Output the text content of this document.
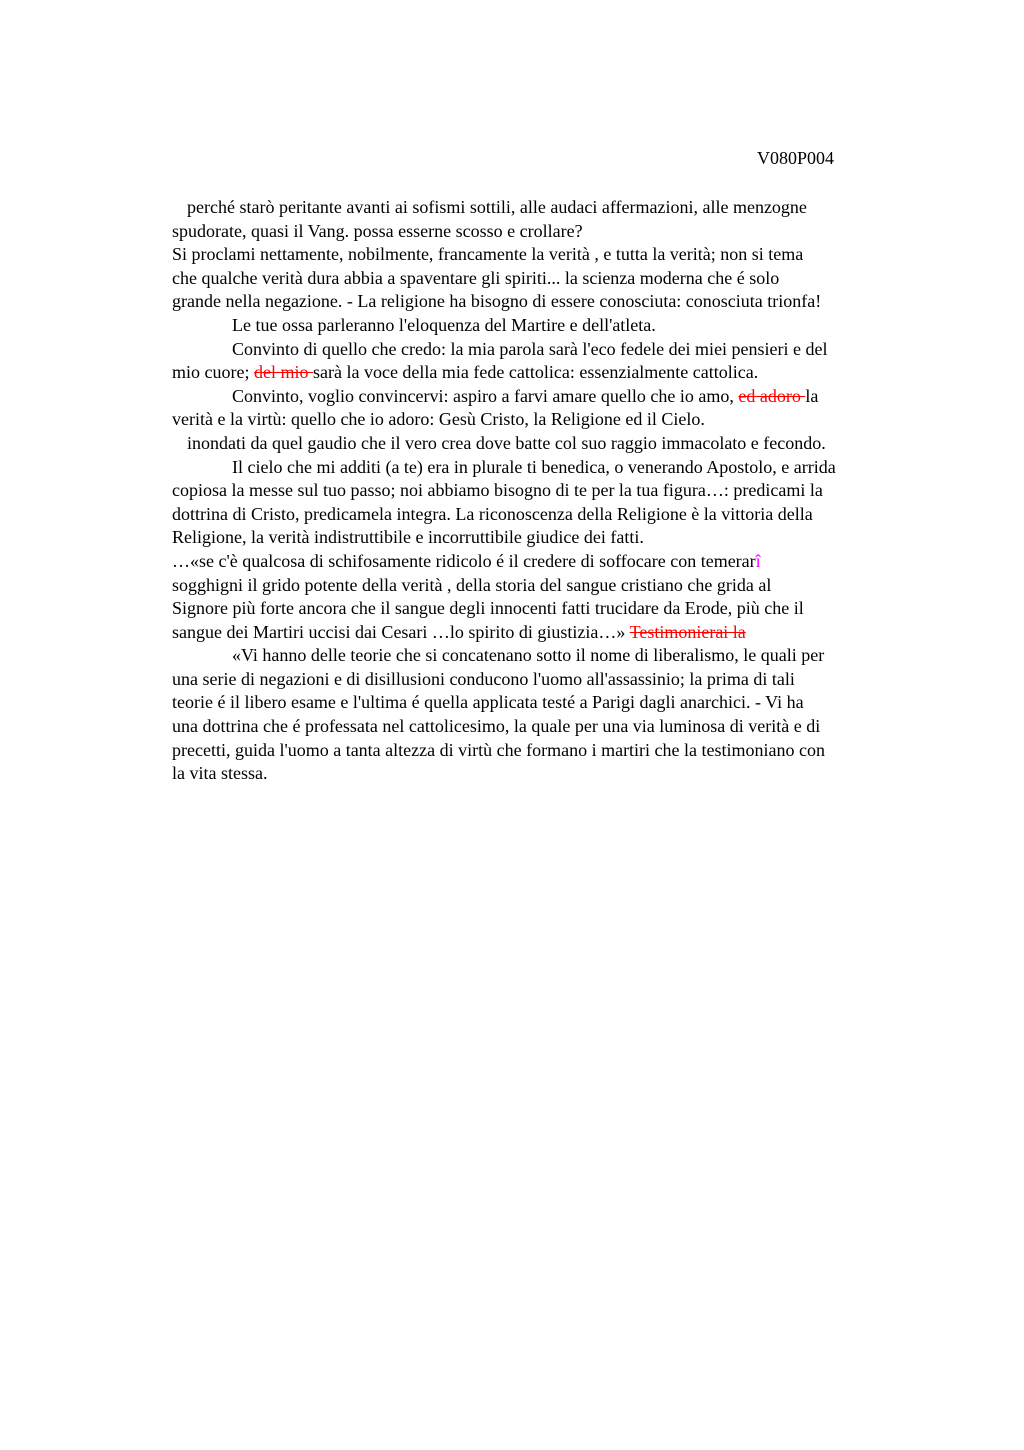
V080P004
perché starò peritante avanti ai sofismi sottili, alle audaci affermazioni, alle menzogne
spudorate, quasi il Vang. possa esserne scosso e crollare?
Si proclami nettamente, nobilmente, francamente la verità , e tutta la verità; non si tema
che qualche verità dura abbia a spaventare gli spiriti... la scienza moderna che é solo
grande nella negazione. - La religione ha bisogno di essere conosciuta: conosciuta trionfa!
Le tue ossa parleranno l'eloquenza del Martire e dell'atleta.
Convinto di quello che credo: la mia parola sarà l'eco fedele dei miei pensieri e del
mio cuore; del mio sarà la voce della mia fede cattolica: essenzialmente cattolica.
Convinto, voglio convincervi: aspiro a farvi amare quello che io amo, ed adoro la
verità e la virtù: quello che io adoro: Gesù Cristo, la Religione ed il Cielo.
inondati da quel gaudio che il vero crea dove batte col suo raggio immacolato e fecondo.
Il cielo che mi additi (a te) era in plurale ti benedica, o venerando Apostolo, e arrida
copiosa la messe sul tuo passo; noi abbiamo bisogno di te per la tua figura…: predicami la
dottrina di Cristo, predicamela integra. La riconoscenza della Religione è la vittoria della
Religione, la verità indistruttibile e incorruttibile giudice dei fatti.
…«se c'è qualcosa di schifosamente ridicolo é il credere di soffocare con temerarî
sogghigni il grido potente della verità , della storia del sangue cristiano che grida al
Signore più forte ancora che il sangue degli innocenti fatti trucidare da Erode, più che il
sangue dei Martiri uccisi dai Cesari …lo spirito di giustizia…» Testimonierai la
«Vi hanno delle teorie che si concatenano sotto il nome di liberalismo, le quali per
una serie di negazioni e di disillusioni conducono l'uomo all'assassinio; la prima di tali
teorie é il libero esame e l'ultima é quella applicata testé a Parigi dagli anarchici. - Vi ha
una dottrina che é professata nel cattolicesimo, la quale per una via luminosa di verità e di
precetti, guida l'uomo a tanta altezza di virtù che formano i martiri che la testimoniano con
la vita stessa.
